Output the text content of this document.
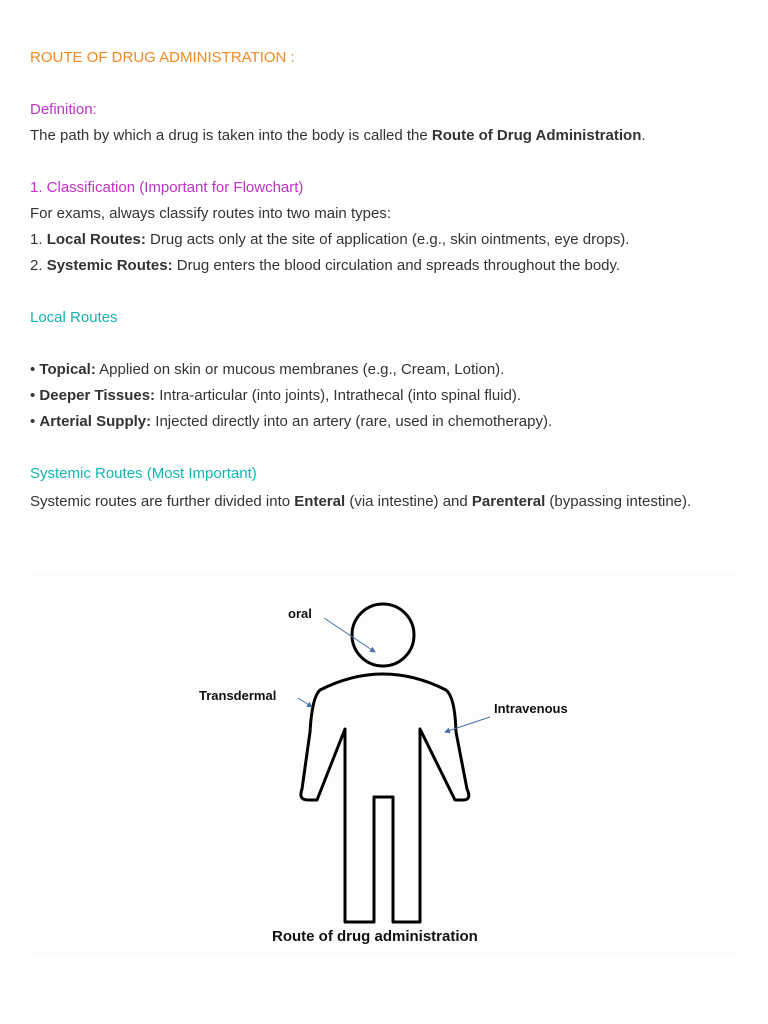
ROUTE OF DRUG ADMINISTRATION :
Definition:
The path by which a drug is taken into the body is called the Route of Drug Administration.
1. Classification (Important for Flowchart)
For exams, always classify routes into two main types:
1. Local Routes: Drug acts only at the site of application (e.g., skin ointments, eye drops).
2. Systemic Routes: Drug enters the blood circulation and spreads throughout the body.
Local Routes
• Topical: Applied on skin or mucous membranes (e.g., Cream, Lotion).
• Deeper Tissues: Intra-articular (into joints), Intrathecal (into spinal fluid).
• Arterial Supply: Injected directly into an artery (rare, used in chemotherapy).
Systemic Routes (Most Important)
Systemic routes are further divided into Enteral (via intestine) and Parenteral (bypassing intestine).
oral
Transdermal
Intravenous
Route of drug administration
